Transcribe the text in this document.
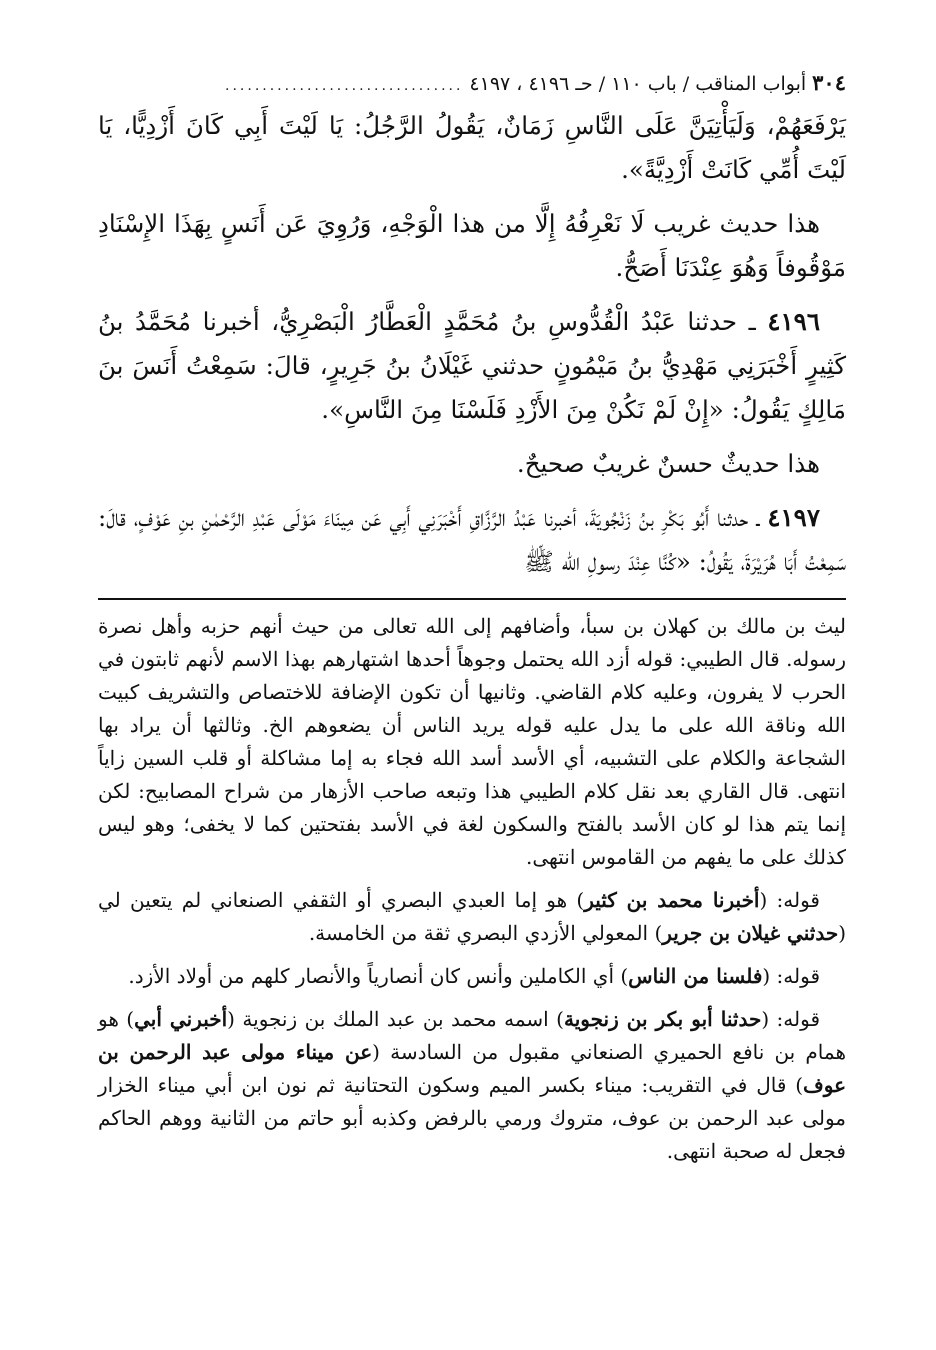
٣٠٤
أبواب المناقب / باب ١١٠ / حـ ٤١٩٦ ، ٤١٩٧
................................

يَرْفَعَهُمْ، وَلَيَأْتِيَنَّ عَلَى النَّاسِ زَمَانٌ، يَقُولُ الرَّجُلُ: يَا لَيْتَ أَبِي كَانَ أَزْدِيًّا، يَا لَيْتَ أُمِّي كَانَتْ أَزْدِيَّةً».

هذا حديث غريب لَا نَعْرِفُهُ إِلَّا من هذا الْوَجْهِ، وَرُوِيَ عَن أَنَسٍ بِهَذَا الإِسْنَادِ مَوْقُوفاً وَهُوَ عِنْدَنَا أَصَحُّ.

٤١٩٦ ـ حدثنا عَبْدُ الْقُدُّوسِ بنُ مُحَمَّدٍ الْعَطَّارُ الْبَصْرِيُّ، أخبرنا مُحَمَّدُ بنُ كَثِيرٍ أَخْبَرَنِي مَهْدِيُّ بنُ مَيْمُونٍ حدثني غَيْلَانُ بنُ جَرِيرٍ، قالَ: سَمِعْتُ أَنَسَ بنَ مَالِكٍ يَقُولُ: «إِنْ لَمْ نَكُنْ مِنَ الأَزْدِ فَلَسْنَا مِنَ النَّاسِ».

هذا حديثٌ حسنٌ غريبٌ صحيحٌ.

٤١٩٧ ـ حدثنا أَبُو بَكْرِ بنُ زَنْجُويَةَ، أخبرنا عَبْدُ الرَّزَّاقِ أَخْبَرَنِي أَبِي عَن مِينَاءَ مَوْلَى عَبْدِ الرَّحْمٰنِ بنِ عَوْفٍ، قالَ: سَمِعْتُ أَبَا هُرَيْرَةَ، يَقُولُ: «كُنَّا عِنْدَ رسولِ الله ﷺ

ليث بن مالك بن كهلان بن سبأ، وأضافهم إلى الله تعالى من حيث أنهم حزبه وأهل نصرة رسوله. قال الطيبي: قوله أزد الله يحتمل وجوهاً أحدها اشتهارهم بهذا الاسم لأنهم ثابتون في الحرب لا يفرون، وعليه كلام القاضي. وثانيها أن تكون الإضافة للاختصاص والتشريف كبيت الله وناقة الله على ما يدل عليه قوله يريد الناس أن يضعوهم الخ. وثالثها أن يراد بها الشجاعة والكلام على التشبيه، أي الأسد أسد الله فجاء به إما مشاكلة أو قلب السين زاياً انتهى. قال القاري بعد نقل كلام الطيبي هذا وتبعه صاحب الأزهار من شراح المصابيح: لكن إنما يتم هذا لو كان الأسد بالفتح والسكون لغة في الأسد بفتحتين كما لا يخفى؛ وهو ليس كذلك على ما يفهم من القاموس انتهى.

قوله: (أخبرنا محمد بن كثير) هو إما العبدي البصري أو الثقفي الصنعاني لم يتعين لي (حدثني غيلان بن جرير) المعولي الأزدي البصري ثقة من الخامسة.

قوله: (فلسنا من الناس) أي الكاملين وأنس كان أنصارياً والأنصار كلهم من أولاد الأزد.

قوله: (حدثنا أبو بكر بن زنجوية) اسمه محمد بن عبد الملك بن زنجوية (أخبرني أبي) هو همام بن نافع الحميري الصنعاني مقبول من السادسة (عن ميناء مولى عبد الرحمن بن عوف) قال في التقريب: ميناء بكسر الميم وسكون التحتانية ثم نون ابن أبي ميناء الخزار مولى عبد الرحمن بن عوف، متروك ورمي بالرفض وكذبه أبو حاتم من الثانية ووهم الحاكم فجعل له صحبة انتهى.
